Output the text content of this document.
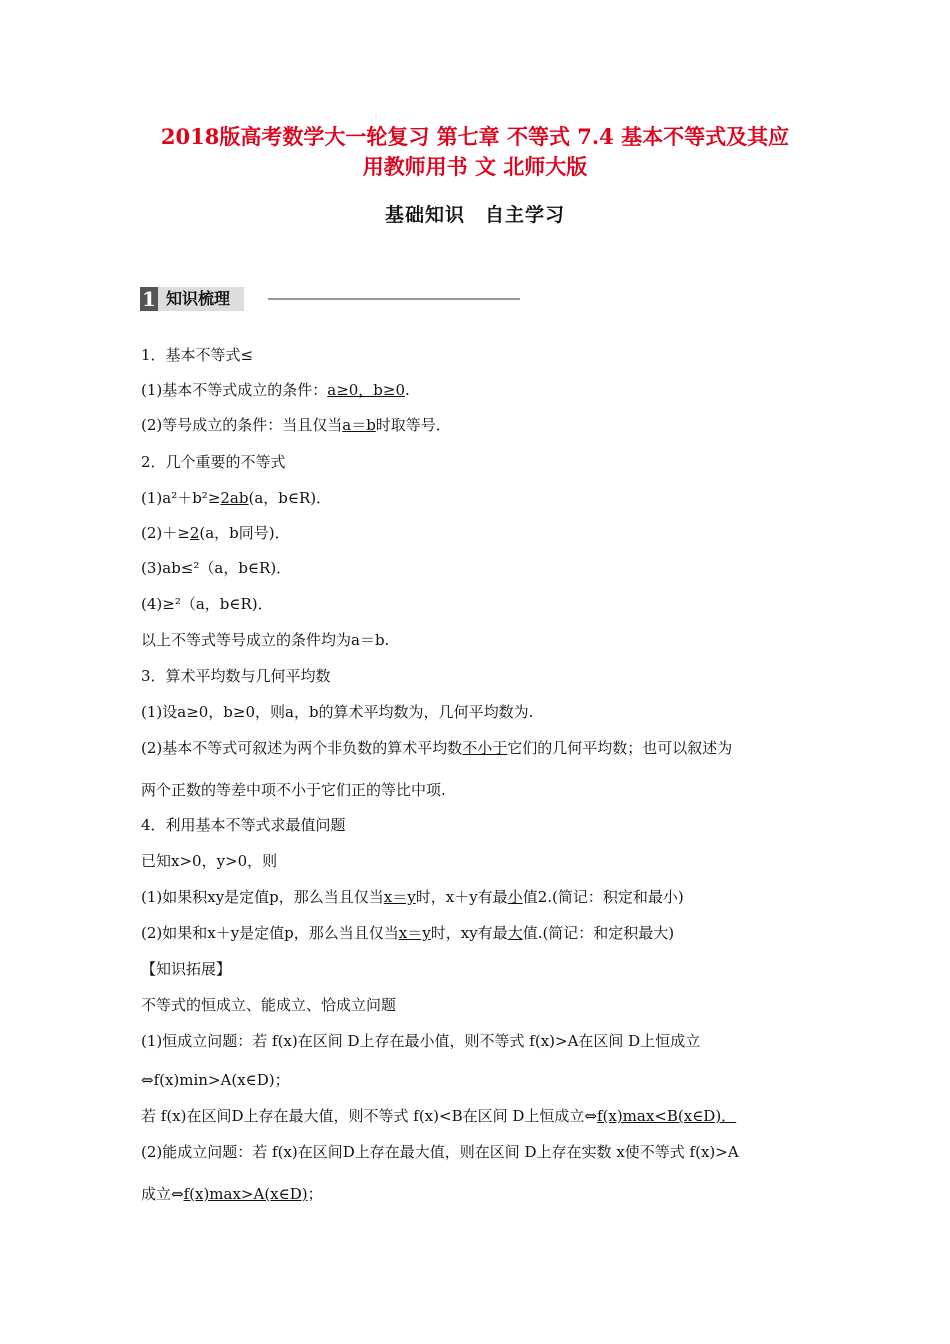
2018版高考数学大一轮复习 第七章 不等式 7.4 基本不等式及其应
用教师用书 文 北师大版
基础知识　自主学习
1 知识梳理
1．基本不等式≤
(1)基本不等式成立的条件：a≥0，b≥0.
(2)等号成立的条件：当且仅当a＝b时取等号．
2．几个重要的不等式
(1)a²＋b²≥2ab(a，b∈R)．
(2)＋≥2(a，b同号)．
(3)ab≤²（a，b∈R)．
(4)≥²（a，b∈R)．
以上不等式等号成立的条件均为a＝b.
3．算术平均数与几何平均数
(1)设a≥0，b≥0，则a，b的算术平均数为，几何平均数为.
(2)基本不等式可叙述为两个非负数的算术平均数不小于它们的几何平均数；也可以叙述为
两个正数的等差中项不小于它们正的等比中项.
4．利用基本不等式求最值问题
已知x>0，y>0，则
(1)如果积xy是定值p，那么当且仅当x＝y时，x＋y有最小值2.(简记：积定和最小)
(2)如果和x＋y是定值p，那么当且仅当x＝y时，xy有最大值.(简记：和定积最大)
【知识拓展】
不等式的恒成立、能成立、恰成立问题
(1)恒成立问题：若 f(x)在区间 D上存在最小值，则不等式 f(x)>A在区间 D上恒成立
⇔f(x)min>A(x∈D)；
若 f(x)在区间D上存在最大值，则不等式 f(x)<B在区间 D上恒成立⇔f(x)max<B(x∈D)．
(2)能成立问题：若 f(x)在区间D上存在最大值，则在区间 D上存在实数 x使不等式 f(x)>A
成立⇔f(x)max>A(x∈D)；
